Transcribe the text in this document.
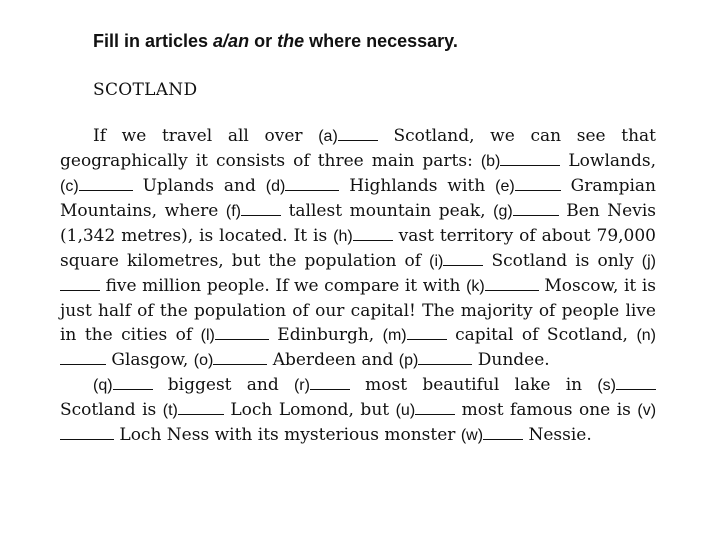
Fill in articles a/an or the where necessary.
SCOTLAND

If we travel all over (a) Scotland, we can see that geographically it consists of three main parts: (b)	Lowlands, (c)	Uplands and (d)	Highlands with (e)	Grampian Mountains, where (f) tallest mountain peak, (g)	Ben Nevis (1,342 metres), is located. It is (h) vast territory of about 79,000 square kilometres, but the population of (i) Scotland is only (j) five million people. If we compare it with (k)	Moscow, it is just half of the population of our capital! The majority of people live in the cities of (l)	Edinburgh, (m) capital of Scotland, (n) Glasgow, (o)	Aberdeen and (p)	Dundee.

(q) biggest and (r) most beautiful lake in (s) Scotland is (t)	Loch Lomond, but (u) most famous one is (v) Loch Ness with its mysterious monster (w) Nessie.
